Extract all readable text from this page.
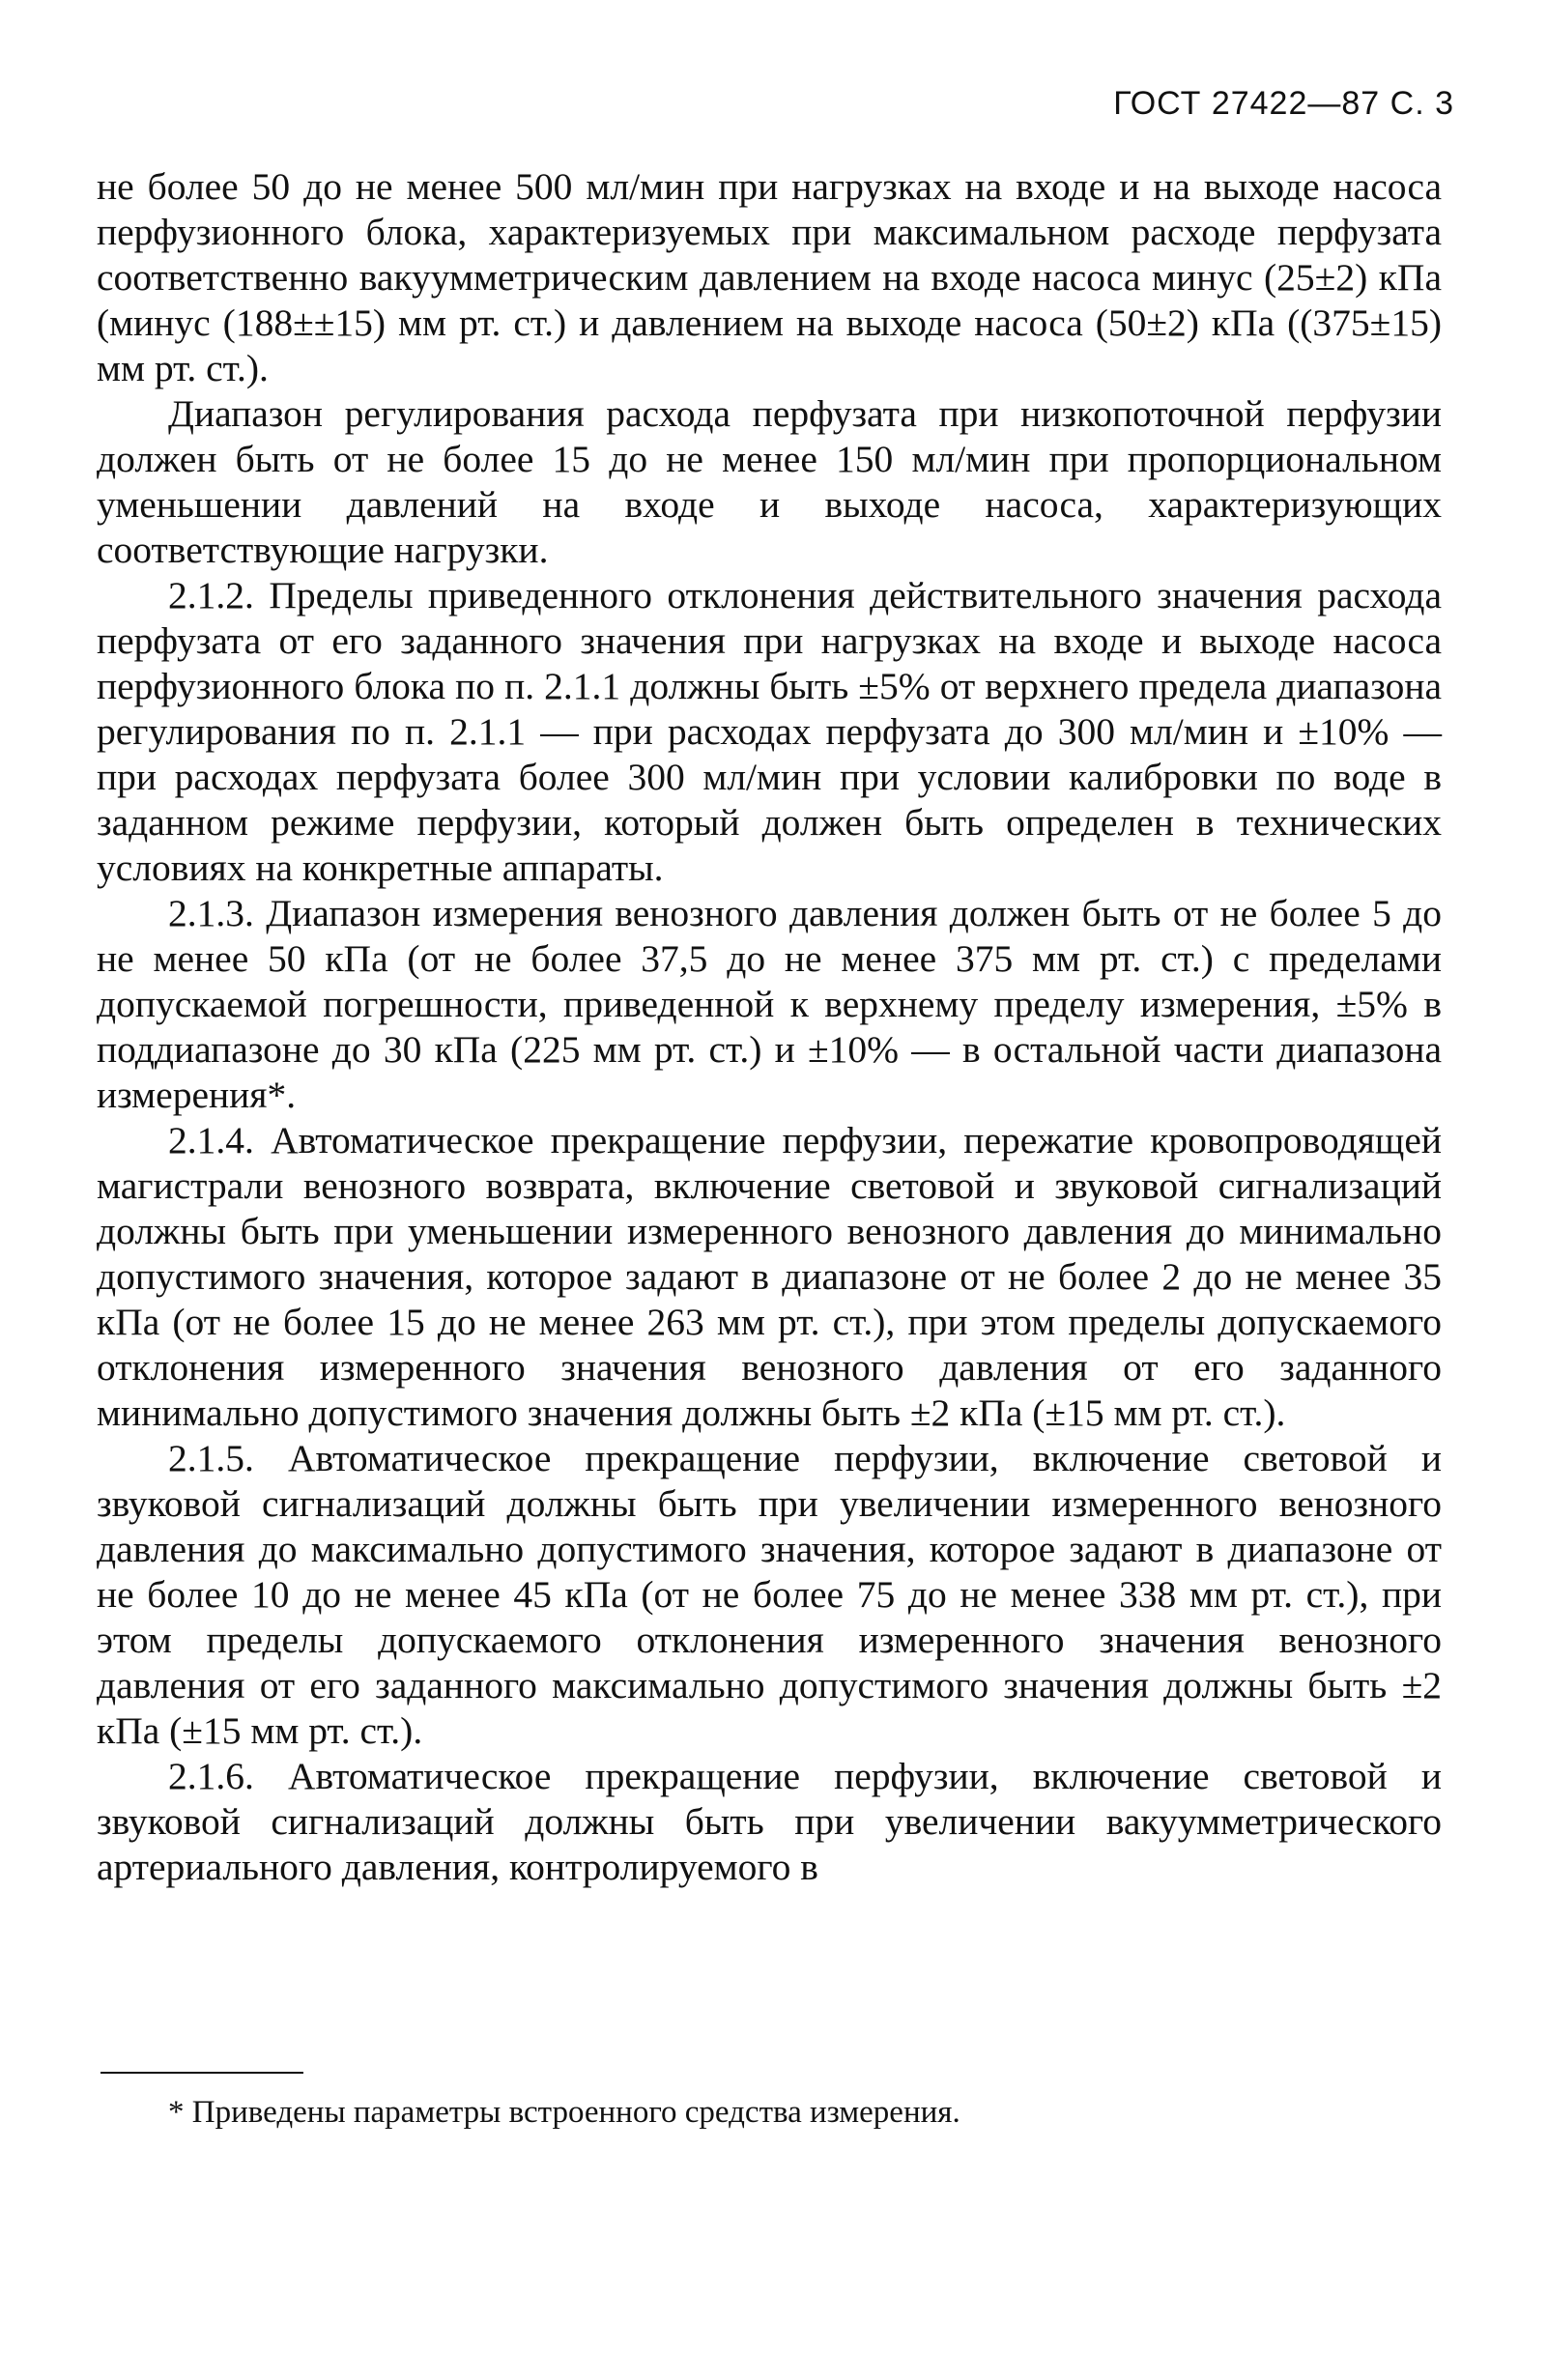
ГОСТ 27422—87 С. 3

не более 50 до не менее 500 мл/мин при нагрузках на входе и на выходе насоса перфузионного блока, характеризуемых при максимальном расходе перфузата соответственно вакуумметрическим давлением на входе насоса минус (25±2) кПа (минус (188±±15) мм рт. ст.) и давлением на выходе насоса (50±2) кПа ((375±15) мм рт. ст.).

Диапазон регулирования расхода перфузата при низкопоточной перфузии должен быть от не более 15 до не менее 150 мл/мин при пропорциональном уменьшении давлений на входе и выходе насоса, характеризующих соответствующие нагрузки.

2.1.2. Пределы приведенного отклонения действительного значения расхода перфузата от его заданного значения при нагрузках на входе и выходе насоса перфузионного блока по п. 2.1.1 должны быть ±5% от верхнего предела диапазона регулирования по п. 2.1.1 — при расходах перфузата до 300 мл/мин и ±10% — при расходах перфузата более 300 мл/мин при условии калибровки по воде в заданном режиме перфузии, который должен быть определен в технических условиях на конкретные аппараты.

2.1.3. Диапазон измерения венозного давления должен быть от не более 5 до не менее 50 кПа (от не более 37,5 до не менее 375 мм рт. ст.) с пределами допускаемой погрешности, приведенной к верхнему пределу измерения, ±5% в поддиапазоне до 30 кПа (225 мм рт. ст.) и ±10% — в остальной части диапазона измерения*.

2.1.4. Автоматическое прекращение перфузии, пережатие кровопроводящей магистрали венозного возврата, включение световой и звуковой сигнализаций должны быть при уменьшении измеренного венозного давления до минимально допустимого значения, которое задают в диапазоне от не более 2 до не менее 35 кПа (от не более 15 до не менее 263 мм рт. ст.), при этом пределы допускаемого отклонения измеренного значения венозного давления от его заданного минимально допустимого значения должны быть ±2 кПа (±15 мм рт. ст.).

2.1.5. Автоматическое прекращение перфузии, включение световой и звуковой сигнализаций должны быть при увеличении измеренного венозного давления до максимально допустимого значения, которое задают в диапазоне от не более 10 до не менее 45 кПа (от не более 75 до не менее 338 мм рт. ст.), при этом пределы допускаемого отклонения измеренного значения венозного давления от его заданного максимально допустимого значения должны быть ±2 кПа (±15 мм рт. ст.).

2.1.6. Автоматическое прекращение перфузии, включение световой и звуковой сигнализаций должны быть при увеличении вакуумметрического артериального давления, контролируемого в

* Приведены параметры встроенного средства измерения.
